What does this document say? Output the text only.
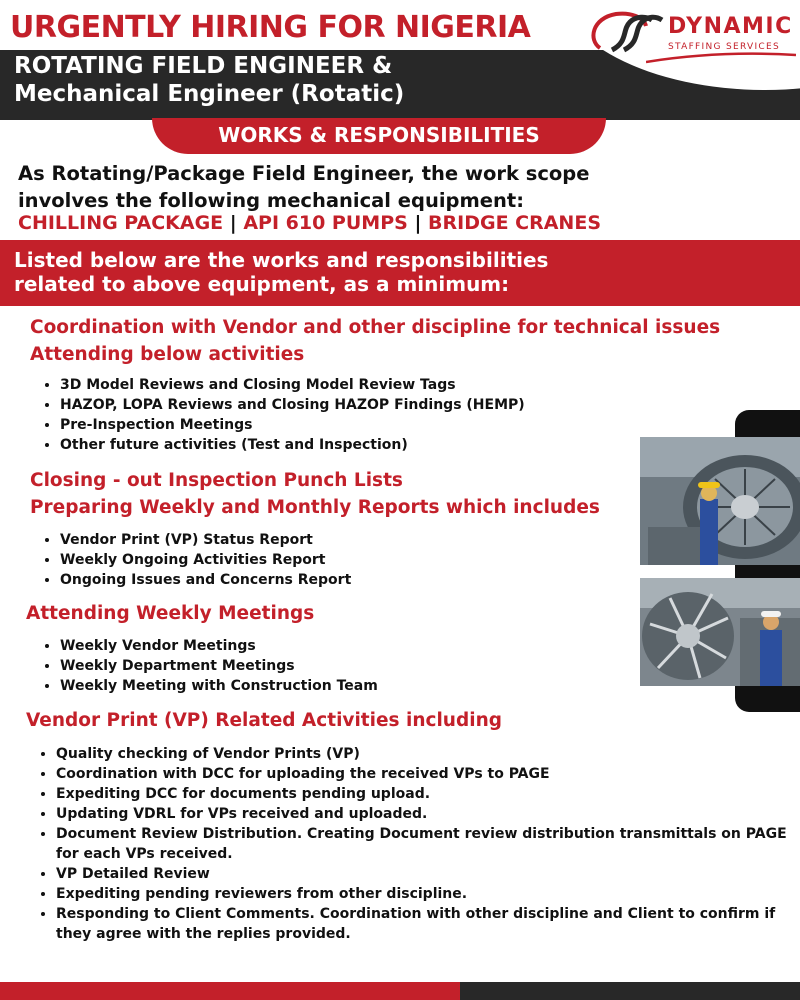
URGENTLY HIRING FOR NIGERIA	DYNAMIC
STAFFING SERVICES
ROTATING FIELD ENGINEER &
Mechanical Engineer (Rotatic)
WORKS & RESPONSIBILITIES

As Rotating/Package Field Engineer, the work scope
involves the following mechanical equipment:

CHILLING PACKAGE | API 610 PUMPS | BRIDGE CRANES

Listed below are the works and responsibilities
related to above equipment, as a minimum:

Coordination with Vendor and other discipline for technical issues
Attending below activities
• 3D Model Reviews and Closing Model Review Tags
• HAZOP, LOPA Reviews and Closing HAZOP Findings (HEMP)
• Pre-Inspection Meetings
• Other future activities (Test and Inspection)
Closing - out Inspection Punch Lists
Preparing Weekly and Monthly Reports which includes
• Vendor Print (VP) Status Report
• Weekly Ongoing Activities Report
• Ongoing Issues and Concerns Report
Attending Weekly Meetings
• Weekly Vendor Meetings
• Weekly Department Meetings
• Weekly Meeting with Construction Team
Vendor Print (VP) Related Activities including
• Quality checking of Vendor Prints (VP)
• Coordination with DCC for uploading the received VPs to PAGE
• Expediting DCC for documents pending upload.
• Updating VDRL for VPs received and uploaded.
• Document Review Distribution. Creating Document review distribution transmittals on PAGE for each VPs received.
• VP Detailed Review
• Expediting pending reviewers from other discipline.
• Responding to Client Comments. Coordination with other discipline and Client to confirm if they agree with the replies provided.
